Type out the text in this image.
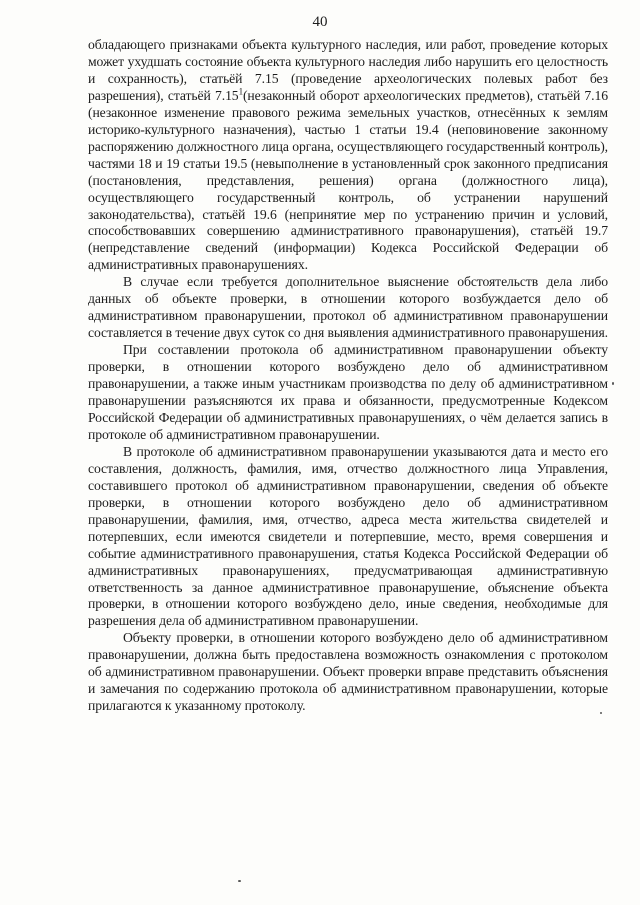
40

обладающего признаками объекта культурного наследия, или работ, проведение которых может ухудшать состояние объекта культурного наследия либо нарушить его целостность и сохранность), статьёй 7.15 (проведение археологических полевых работ без разрешения), статьёй 7.15$^1$(незаконный оборот археологических предметов), статьёй 7.16 (незаконное изменение правового режима земельных участков, отнесённых к землям историко-культурного назначения), частью 1 статьи 19.4 (неповиновение законному распоряжению должностного лица органа, осуществляющего государственный контроль), частями 18 и 19 статьи 19.5 (невыполнение в установленный срок законного предписания (постановления, представления, решения) органа (должностного лица), осуществляющего государственный контроль, об устранении нарушений законодательства), статьёй 19.6 (непринятие мер по устранению причин и условий, способствовавших совершению административного правонарушения), статьёй 19.7 (непредставление сведений (информации) Кодекса Российской Федерации об административных правонарушениях.

В случае если требуется дополнительное выяснение обстоятельств дела либо данных об объекте проверки, в отношении которого возбуждается дело об административном правонарушении, протокол об административном правонарушении составляется в течение двух суток со дня выявления административного правонарушения.

При составлении протокола об административном правонарушении объекту проверки, в отношении которого возбуждено дело об административном правонарушении, а также иным участникам производства по делу об административном правонарушении разъясняются их права и обязанности, предусмотренные Кодексом Российской Федерации об административных правонарушениях, о чём делается запись в протоколе об административном правонарушении.

В протоколе об административном правонарушении указываются дата и место его составления, должность, фамилия, имя, отчество должностного лица Управления, составившего протокол об административном правонарушении, сведения об объекте проверки, в отношении которого возбуждено дело об административном правонарушении, фамилия, имя, отчество, адреса места жительства свидетелей и потерпевших, если имеются свидетели и потерпевшие, место, время совершения и событие административного правонарушения, статья Кодекса Российской Федерации об административных правонарушениях, предусматривающая административную ответственность за данное административное правонарушение, объяснение объекта проверки, в отношении которого возбуждено дело, иные сведения, необходимые для разрешения дела об административном правонарушении.

Объекту проверки, в отношении которого возбуждено дело об административном правонарушении, должна быть предоставлена возможность ознакомления с протоколом об административном правонарушении. Объект проверки вправе представить объяснения и замечания по содержанию протокола об административном правонарушении, которые прилагаются к указанному протоколу.
